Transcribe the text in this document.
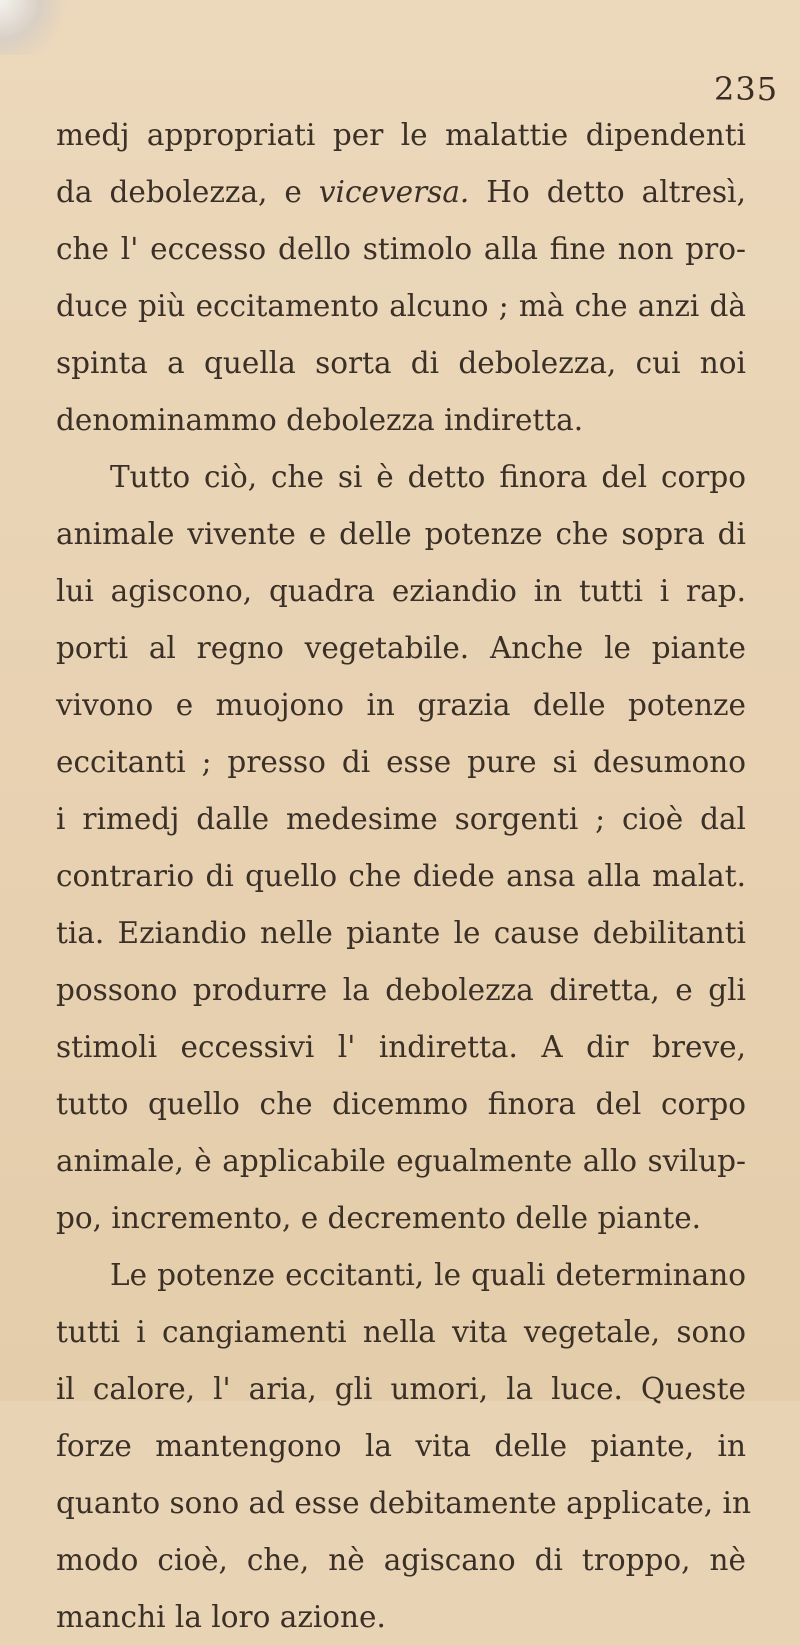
235
medj appropriati per le malattie dipendenti
da debolezza, e viceversa. Ho detto altresì,
che l' eccesso dello stimolo alla fine non pro-
duce più eccitamento alcuno ; mà che anzi dà
spinta a quella sorta di debolezza, cui noi
denominammo debolezza indiretta.
Tutto ciò, che si è detto finora del corpo
animale vivente e delle potenze che sopra di
lui agiscono, quadra eziandio in tutti i rap.
porti al regno vegetabile. Anche le piante
vivono e muojono in grazia delle potenze
eccitanti ; presso di esse pure si desumono
i rimedj dalle medesime sorgenti ; cioè dal
contrario di quello che diede ansa alla malat.
tia. Eziandio nelle piante le cause debilitanti
possono produrre la debolezza diretta, e gli
stimoli eccessivi l' indiretta. A dir breve,
tutto quello che dicemmo finora del corpo
animale, è applicabile egualmente allo svilup-
po, incremento, e decremento delle piante.
Le potenze eccitanti, le quali determinano
tutti i cangiamenti nella vita vegetale, sono
il calore, l' aria, gli umori, la luce. Queste
forze mantengono la vita delle piante, in
quanto sono ad esse debitamente applicate, in
modo cioè, che, nè agiscano di troppo, nè
manchi la loro azione.
